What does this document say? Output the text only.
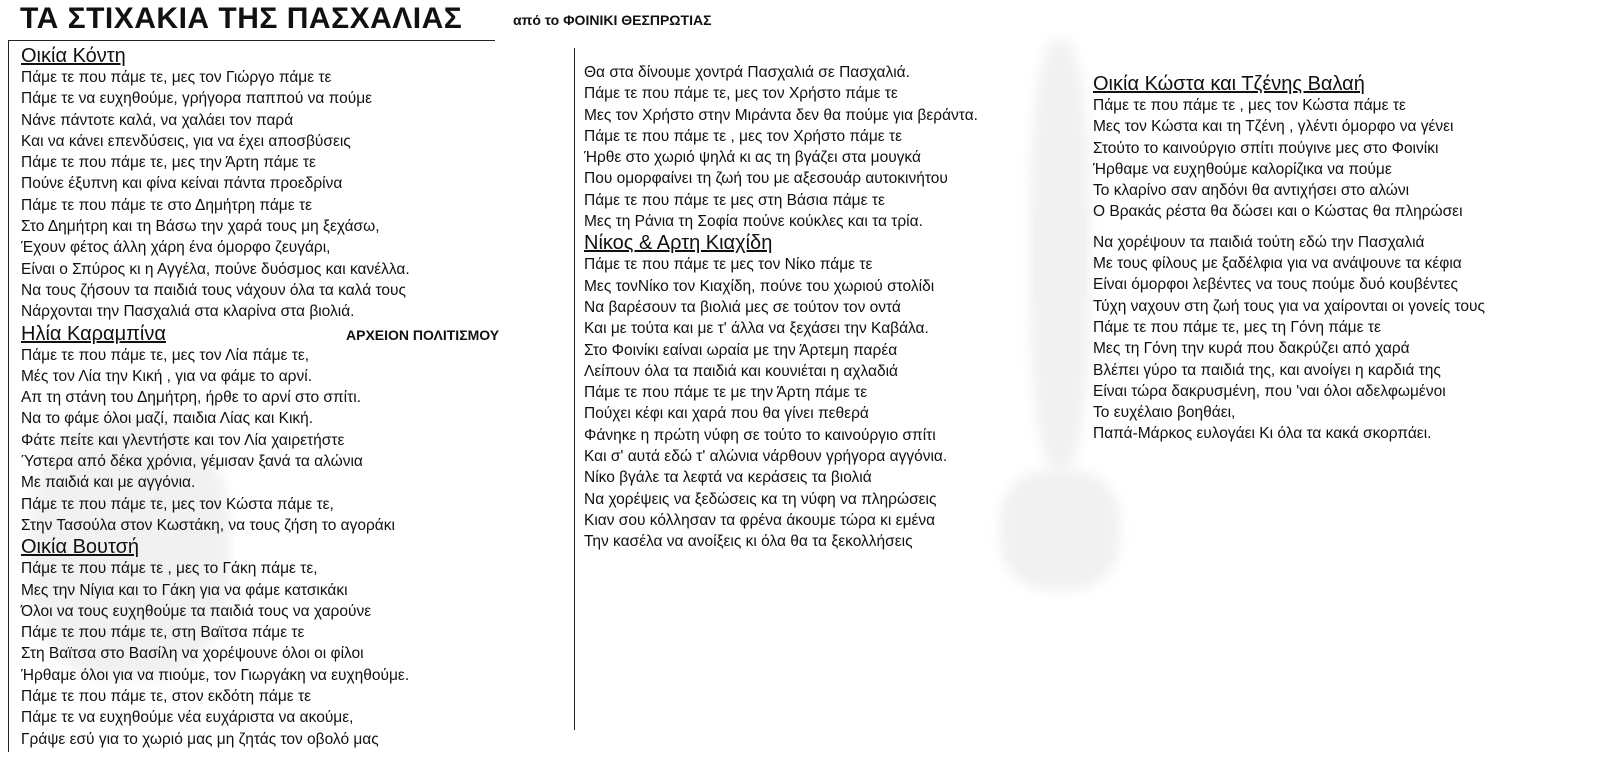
ΤΑ ΣΤΙΧΑΚΙΑ ΤΗΣ ΠΑΣΧΑΛΙΑΣ	από το ΦΟΙΝΙΚΙ ΘΕΣΠΡΩΤΙΑΣ
ΑΡΧΕΙΟΝ ΠΟΛΙΤΙΣΜΟΥ
Οικία Κόντη
Πάμε τε που πάμε τε, μες τον Γιώργο πάμε τε
Πάμε τε να ευχηθούμε, γρήγορα παππού να πούμε
Νάνε πάντοτε καλά, να χαλάει τον παρά
Και να κάνει επενδύσεις, για να έχει αποσβύσεις
Πάμε τε που πάμε τε, μες την Άρτη πάμε τε
Πούνε έξυπνη και φίνα κείναι πάντα προεδρίνα
Πάμε τε που πάμε τε στο Δημήτρη πάμε τε
Στο Δημήτρη και τη Βάσω την χαρά τους μη ξεχάσω,
Έχουν φέτος άλλη χάρη ένα όμορφο ζευγάρι,
Είναι ο Σπύρος κι η Αγγέλα, πούνε δυόσμος και κανέλλα.
Να τους ζήσουν τα παιδιά τους νάχουν όλα τα καλά τους
Νάρχονται την Πασχαλιά στα κλαρίνα στα βιολιά.
Ηλία Καραμπίνα
Πάμε τε που πάμε τε, μες τον Λία πάμε τε,
Μές τον Λία την Κική , για να φάμε το αρνί.
Απ τη στάνη του Δημήτρη, ήρθε το αρνί στο σπίτι.
Να το φάμε όλοι μαζί, παιδια Λίας και Κική.
Φάτε πείτε και γλεντήστε και τον Λία χαιρετήστε
Ύστερα από δέκα χρόνια, γέμισαν ξανά τα αλώνια
Με παιδιά και με αγγόνια.
Πάμε τε που πάμε τε, μες τον Κώστα πάμε τε,
Στην Τασούλα στον Κωστάκη, να τους ζήση το αγοράκι
Οικία Βουτσή
Πάμε τε που πάμε τε , μες το Γάκη πάμε τε,
Μες την Νίγια και το Γάκη για να φάμε κατσικάκι
Όλοι να τους ευχηθούμε τα παιδιά τους να χαρούνε
Πάμε τε που πάμε τε, στη Βαϊτσα πάμε τε
Στη Βαϊτσα στο Βασίλη να χορέψουνε όλοι οι φίλοι
Ήρθαμε όλοι για να πιούμε, τον Γιωργάκη να ευχηθούμε.
Πάμε τε που πάμε τε, στον εκδότη πάμε τε
Πάμε τε να ευχηθούμε νέα ευχάριστα να ακούμε,
Γράψε εσύ για το χωριό μας μη ζητάς τον οβολό μας
Θα στα δίνουμε χοντρά Πασχαλιά σε Πασχαλιά.
Πάμε τε που πάμε τε, μες τον Χρήστο πάμε τε
Μες τον Χρήστο στην Μιράντα δεν θα πούμε για βεράντα.
Πάμε τε που πάμε τε , μες τον Χρήστο πάμε τε
Ήρθε στο χωριό ψηλά κι ας τη βγάζει στα μουγκά
Που ομορφαίνει τη ζωή του με αξεσουάρ αυτοκινήτου
Πάμε τε που πάμε τε μες στη Βάσια πάμε τε
Μες τη Ράνια τη Σοφία πούνε κούκλες και τα τρία.
Νίκος & Αρτη Κιαχίδη
Πάμε τε που πάμε τε μες τον Νίκο πάμε τε
Μες τονΝίκο τον Κιαχίδη, πούνε του χωριού στολίδι
Να βαρέσουν τα βιολιά μες σε τούτον τον οντά
Και με τούτα και με τ' άλλα να ξεχάσει την Καβάλα.
Στο Φοινίκι εαίναι ωραία με την Άρτεμη παρέα
Λείπουν όλα τα παιδιά και κουνιέται η αχλαδιά
Πάμε τε που πάμε τε με την Άρτη πάμε τε
Πούχει κέφι και χαρά που θα γίνει πεθερά
Φάνηκε η πρώτη νύφη σε τούτο το καινούργιο σπίτι
Και σ' αυτά εδώ τ' αλώνια νάρθουν γρήγορα αγγόνια.
Νίκο βγάλε τα λεφτά να κεράσεις τα βιολιά
Να χορέψεις να ξεδώσεις κα τη νύφη να πληρώσεις
Κιαν σου κόλλησαν τα φρένα άκουμε τώρα κι εμένα
Την κασέλα να ανοίξεις κι όλα θα τα ξεκολλήσεις
Οικία Κώστα και Τζένης Βαλαή
Πάμε τε που πάμε τε , μες τον Κώστα πάμε τε
Μες τον Κώστα και τη Τζένη , γλέντι όμορφο να γένει
Στούτο το καινούργιο σπίτι πούγινε μες στο Φοινίκι
Ήρθαμε να ευχηθούμε καλορίζικα να πούμε
Το κλαρίνο σαν αηδόνι θα αντιχήσει στο αλώνι
Ο Βρακάς ρέστα θα δώσει και ο Κώστας θα πληρώσει
Να χορέψουν τα παιδιά τούτη εδώ την Πασχαλιά
Με τους φίλους με ξαδέλφια για να ανάψουνε τα κέφια
Είναι όμορφοι λεβέντες να τους πούμε δυό κουβέντες
Τύχη ναχουν στη ζωή τους για να χαίρονται οι γονείς τους
Πάμε τε που πάμε τε, μες τη Γόνη πάμε τε
Μες τη Γόνη την κυρά που δακρύζει από χαρά
Βλέπει γύρο τα παιδιά της, και ανοίγει η καρδιά της
Είναι τώρα δακρυσμένη, που 'ναι όλοι αδελφωμένοι
Το ευχέλαιο βοηθάει,
Παπά-Μάρκος ευλογάει Κι όλα τα κακά σκορπάει.
